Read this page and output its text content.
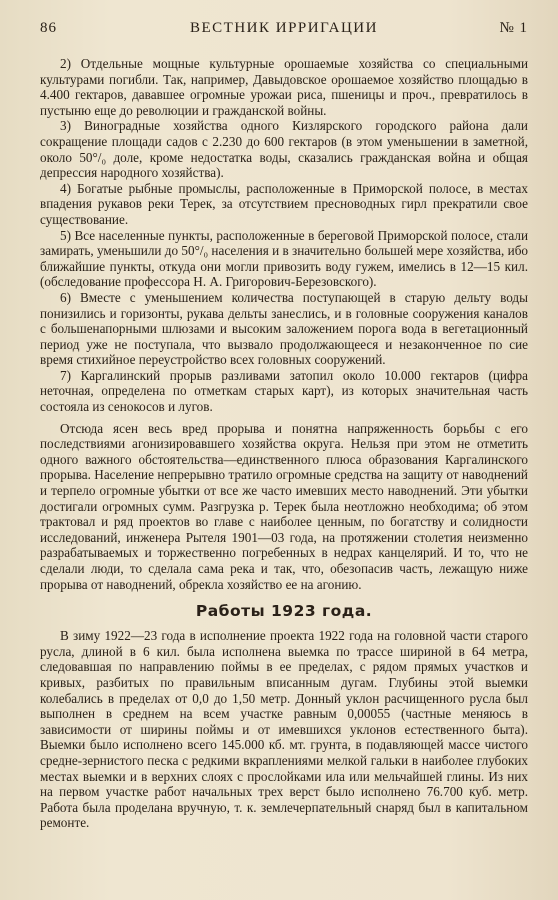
86	ВЕСТНИК ИРРИГАЦИИ	№ 1

2) Отдельные мощные культурные орошаемые хозяйства со специальными культурами погибли. Так, например, Давыдовское орошаемое хозяйство площадью в 4.400 гектаров, дававшее огромные урожаи риса, пшеницы и проч., превратилось в пустыню еще до революции и гражданской войны.

3) Виноградные хозяйства одного Кизлярского городского района дали сокращение площади садов с 2.230 до 600 гектаров (в этом уменьшении в заметной, около 50°/₀ доле, кроме недостатка воды, сказались гражданская война и общая депрессия народного хозяйства).

4) Богатые рыбные промыслы, расположенные в Приморской полосе, в местах впадения рукавов реки Терек, за отсутствием пресноводных гирл прекратили свое существование.

5) Все населенные пункты, расположенные в береговой Приморской полосе, стали замирать, уменьшили до 50°/₀ населения и в значительно большей мере хозяйства, ибо ближайшие пункты, откуда они могли привозить воду гужем, имелись в 12—15 кил. (обследование профессора Н. А. Григорович-Березовского).

6) Вместе с уменьшением количества поступающей в старую дельту воды понизились и горизонты, рукава дельты занеслись, и в головные сооружения каналов с большенапорными шлюзами и высоким заложением порога вода в вегетационный период уже не поступала, что вызвало продолжающееся и незаконченное по сие время стихийное переустройство всех головных сооружений.

7) Каргалинский прорыв разливами затопил около 10.000 гектаров (цифра неточная, определена по отметкам старых карт), из которых значительная часть состояла из сенокосов и лугов.

Отсюда ясен весь вред прорыва и понятна напряженность борьбы с его последствиями агонизировавшего хозяйства округа. Нельзя при этом не отметить одного важного обстоятельства—единственного плюса образования Каргалинского прорыва. Население непрерывно тратило огромные средства на защиту от наводнений и терпело огромные убытки от все же часто имевших место наводнений. Эти убытки достигали огромных сумм. Разгрузка р. Терек была неотложно необходима; об этом трактовал и ряд проектов во главе с наиболее ценным, по богатству и солидности исследований, инженера Рытеля 1901—03 года, на протяжении столетия неизменно разрабатываемых и торжественно погребенных в недрах канцелярий. И то, что не сделали люди, то сделала сама река и так, что, обезопасив часть, лежащую ниже прорыва от наводнений, обрекла хозяйство ее на агонию.

Работы 1923 года.

В зиму 1922—23 года в исполнение проекта 1922 года на головной части старого русла, длиной в 6 кил. была исполнена выемка по трассе шириной в 64 метра, следовавшая по направлению поймы в ее пределах, с рядом прямых участков и кривых, разбитых по правильным вписанным дугам. Глубины этой выемки колебались в пределах от 0,0 до 1,50 метр. Донный уклон расчищенного русла был выполнен в среднем на всем участке равным 0,00055 (частные меняюсь в зависимости от ширины поймы и от имевшихся уклонов естественного быта). Выемки было исполнено всего 145.000 кб. мт. грунта, в подавляющей массе чистого средне-зернистого песка с редкими вкраплениями мелкой гальки в наиболее глубоких местах выемки и в верхних слоях с прослойками ила или мельчайшей глины. Из них на первом участке работ начальных трех верст было исполнено 76.700 куб. метр. Работа была проделана вручную, т. к. землечерпательный снаряд был в капитальном ремонте.
